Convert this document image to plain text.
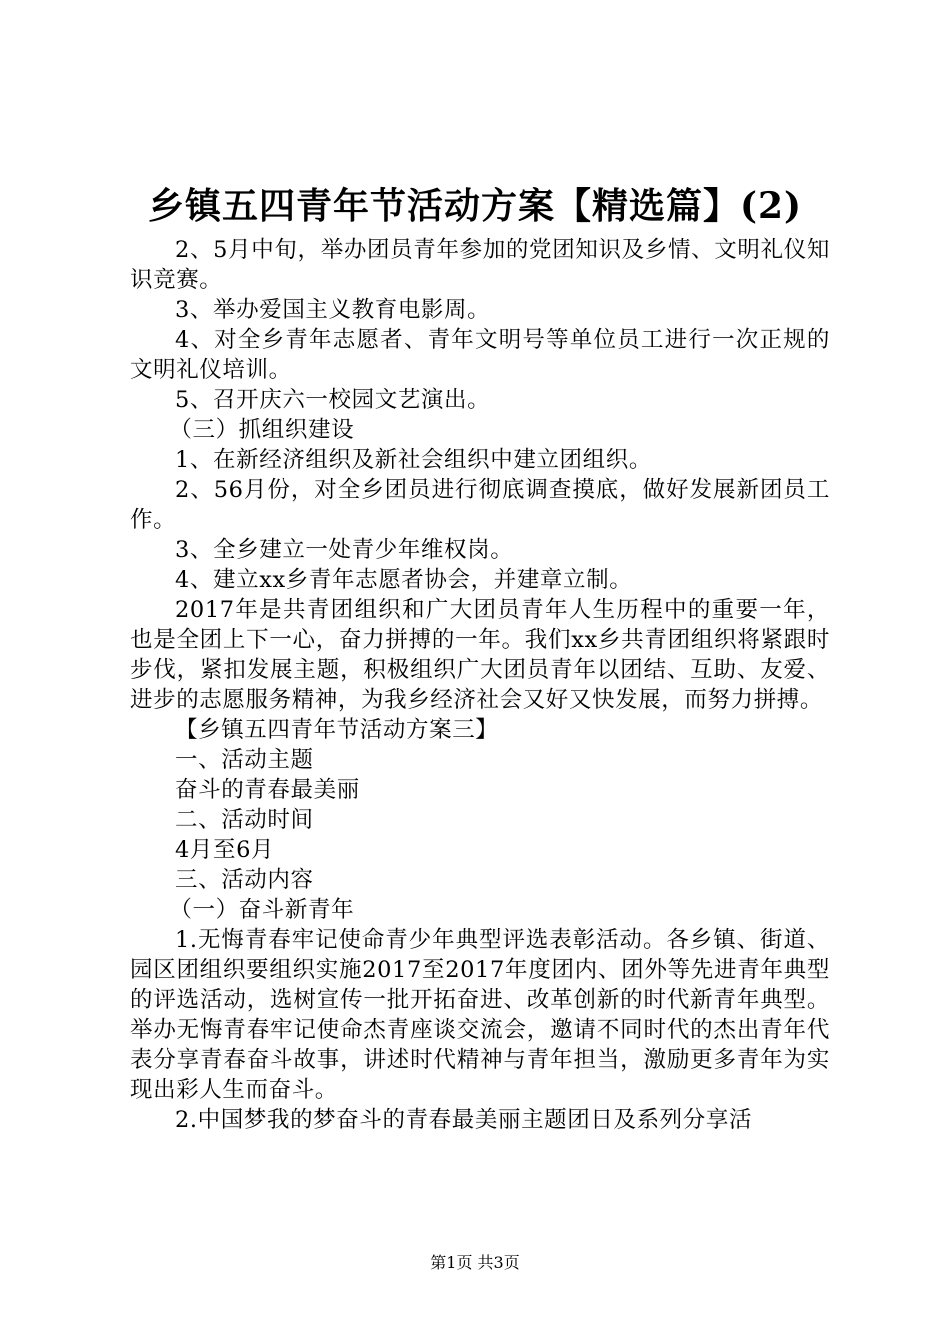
乡镇五四青年节活动方案【精选篇】(2)

2、5月中旬，举办团员青年参加的党团知识及乡情、文明礼仪知识竞赛。

3、举办爱国主义教育电影周。

4、对全乡青年志愿者、青年文明号等单位员工进行一次正规的文明礼仪培训。

5、召开庆六一校园文艺演出。

（三）抓组织建设

1、在新经济组织及新社会组织中建立团组织。

2、56月份，对全乡团员进行彻底调查摸底，做好发展新团员工作。

3、全乡建立一处青少年维权岗。

4、建立xx乡青年志愿者协会，并建章立制。

2017年是共青团组织和广大团员青年人生历程中的重要一年，也是全团上下一心，奋力拼搏的一年。我们xx乡共青团组织将紧跟时步伐，紧扣发展主题，积极组织广大团员青年以团结、互助、友爱、进步的志愿服务精神，为我乡经济社会又好又快发展，而努力拼搏。

【乡镇五四青年节活动方案三】

一、活动主题

奋斗的青春最美丽

二、活动时间

4月至6月

三、活动内容

（一）奋斗新青年

1.无悔青春牢记使命青少年典型评选表彰活动。各乡镇、街道、园区团组织要组织实施2017至2017年度团内、团外等先进青年典型的评选活动，选树宣传一批开拓奋进、改革创新的时代新青年典型。举办无悔青春牢记使命杰青座谈交流会，邀请不同时代的杰出青年代表分享青春奋斗故事，讲述时代精神与青年担当，激励更多青年为实现出彩人生而奋斗。

2.中国梦我的梦奋斗的青春最美丽主题团日及系列分享活

第1页 共3页
